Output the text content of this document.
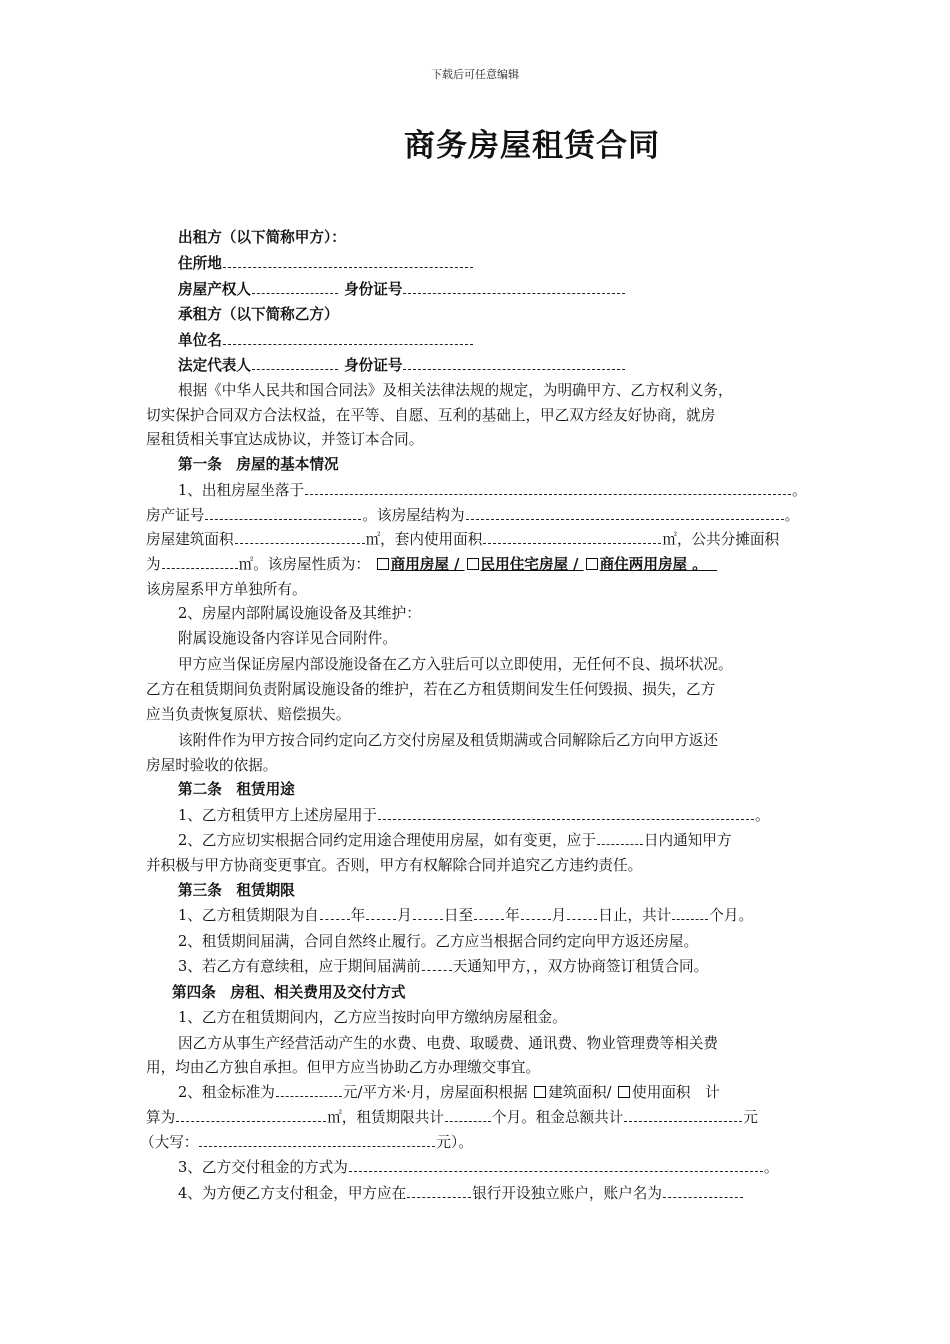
下载后可任意编辑
商务房屋租赁合同
出租方（以下简称甲方）：
住所地
房屋产权人	身份证号
承租方（以下简称乙方）
单位名
法定代表人	身份证号
根据《中华人民共和国合同法》及相关法律法规的规定，为明确甲方、乙方权利义务，
切实保护合同双方合法权益，在平等、自愿、互利的基础上，甲乙双方经友好协商，就房
屋租赁相关事宜达成协议，并签订本合同。
第一条　房屋的基本情况
1、出租房屋坐落于	。
房产证号	。该房屋结构为	。
房屋建筑面积	㎡，套内使用面积	㎡，公共分摊面积
为	㎡。该房屋性质为： 商用房屋 / 民用住宅房屋 / 商住两用房屋 。
该房屋系甲方单独所有。
2、房屋内部附属设施设备及其维护：
附属设施设备内容详见合同附件。
甲方应当保证房屋内部设施设备在乙方入驻后可以立即使用，无任何不良、损坏状况。
乙方在租赁期间负责附属设施设备的维护，若在乙方租赁期间发生任何毁损、损失，乙方
应当负责恢复原状、赔偿损失。
该附件作为甲方按合同约定向乙方交付房屋及租赁期满或合同解除后乙方向甲方返还
房屋时验收的依据。
第二条　租赁用途
1、乙方租赁甲方上述房屋用于	。
2、乙方应切实根据合同约定用途合理使用房屋，如有变更，应于	日内通知甲方
并积极与甲方协商变更事宜。否则，甲方有权解除合同并追究乙方违约责任。
第三条　租赁期限
1、乙方租赁期限为自 年 月 日至 年 月 日止，共计	个月。
2、租赁期间届满，合同自然终止履行。乙方应当根据合同约定向甲方返还房屋。
3、若乙方有意续租，应于期间届满前 天通知甲方，，双方协商签订租赁合同。
第四条　房租、相关费用及交付方式
1、乙方在租赁期间内，乙方应当按时向甲方缴纳房屋租金。
因乙方从事生产经营活动产生的水费、电费、取暖费、通讯费、物业管理费等相关费
用，均由乙方独自承担。但甲方应当协助乙方办理缴交事宜。
2、租金标准为	元/平方米·月，房屋面积根据 建筑面积/ 使用面积　计
算为	㎡，租赁期限共计	个月。租金总额共计	元
（大写：	元）。
3、乙方交付租金的方式为	。
4、为方便乙方支付租金，甲方应在	银行开设独立账户，账户名为
